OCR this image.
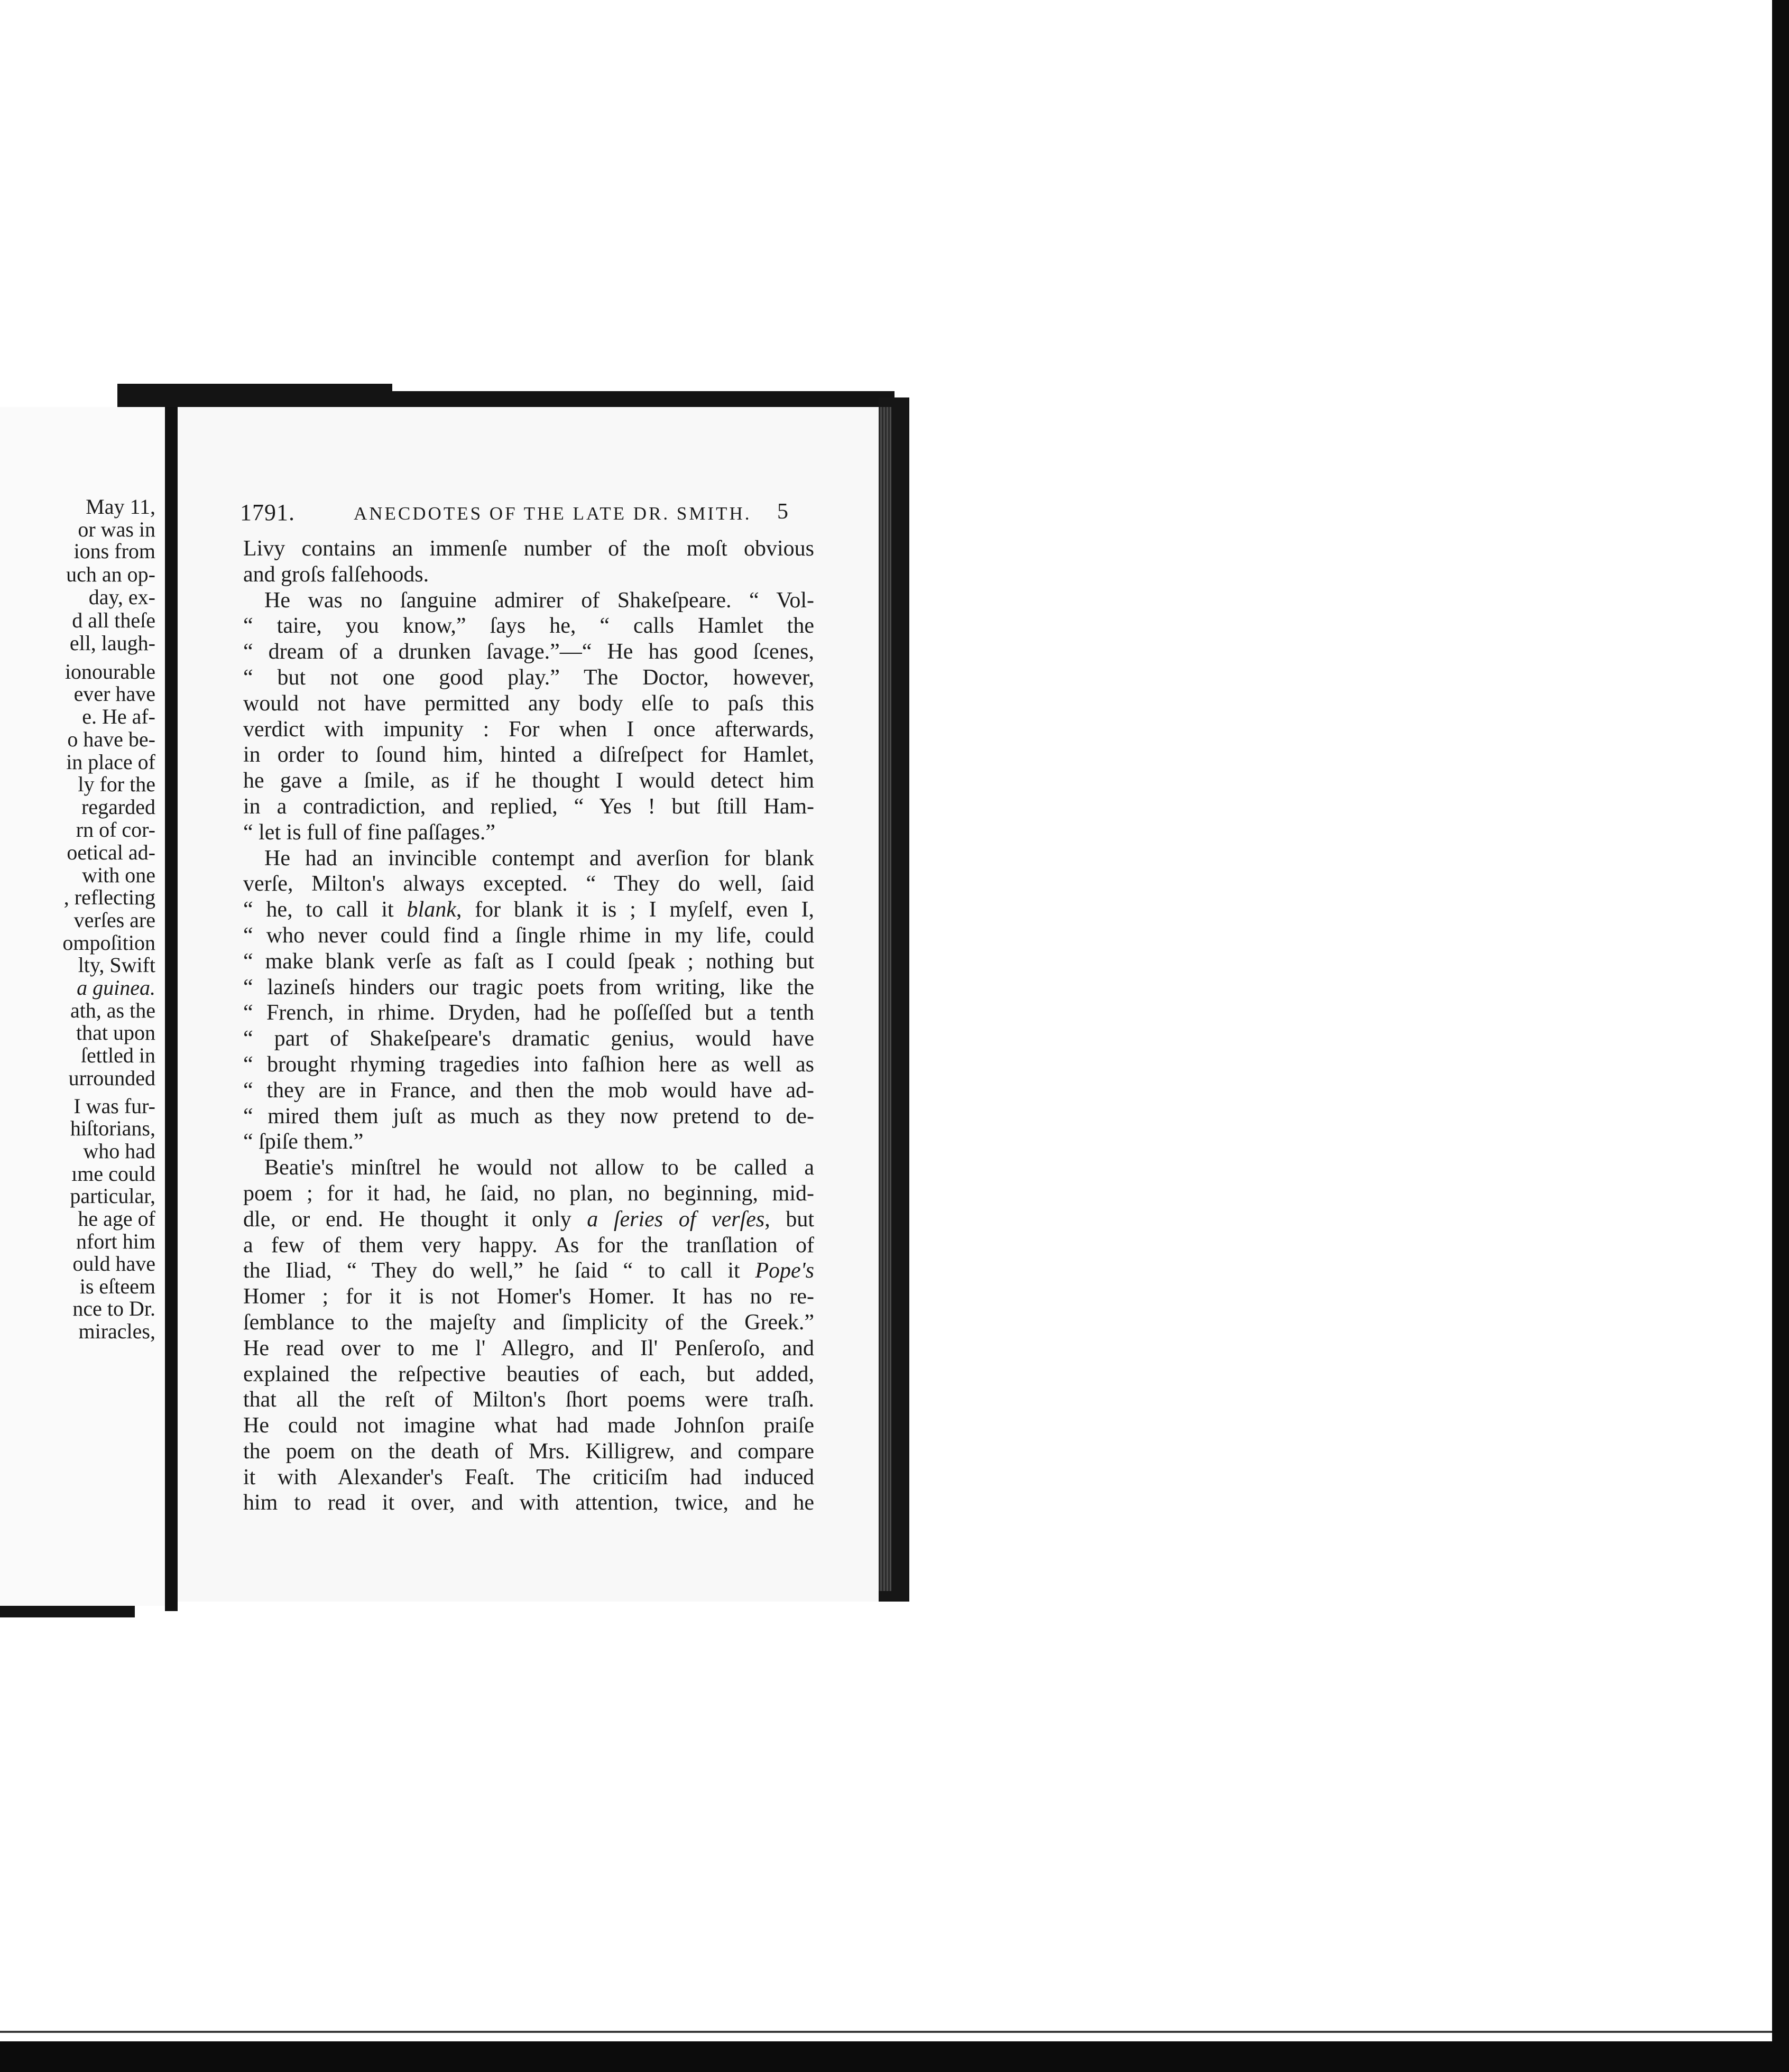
May 11,
or was in
ions from
uch an op-
day, ex-
d all theſe
ell, laugh-
ionourable
ever have
e. He af-
o have be-
in place of
ly for the
regarded
rn of cor-
oetical ad-
with one
, reflecting
verſes are
ompoſition
lty, Swift
a guinea.
ath, as the
that upon
ſettled in
urrounded
I was fur-
hiſtorians,
who had
ıme could
particular,
he age of
nfort him
ould have
is eſteem
nce to Dr.
miracles,
1791.	ANECDOTES OF THE LATE DR. SMITH. 5
Livy contains an immenſe number of the moſt obvious
and groſs falſehoods.
He was no ſanguine admirer of Shakeſpeare. “ Vol-
“ taire, you know,” ſays he, “ calls Hamlet the
“ dream of a drunken ſavage.”—“ He has good ſcenes,
“ but not one good play.” The Doctor, however,
would not have permitted any body elſe to paſs this
verdict with impunity : For when I once afterwards,
in order to ſound him, hinted a diſreſpect for Hamlet,
he gave a ſmile, as if he thought I would detect him
in a contradiction, and replied, “ Yes ! but ſtill Ham-
“ let is full of fine paſſages.”
He had an invincible contempt and averſion for blank
verſe, Milton's always excepted. “ They do well, ſaid
“ he, to call it blank, for blank it is ; I myſelf, even I,
“ who never could find a ſingle rhime in my life, could
“ make blank verſe as faſt as I could ſpeak ; nothing but
“ lazineſs hinders our tragic poets from writing, like the
“ French, in rhime. Dryden, had he poſſeſſed but a tenth
“ part of Shakeſpeare's dramatic genius, would have
“ brought rhyming tragedies into faſhion here as well as
“ they are in France, and then the mob would have ad-
“ mired them juſt as much as they now pretend to de-
“ ſpiſe them.”
Beatie's minſtrel he would not allow to be called a
poem ; for it had, he ſaid, no plan, no beginning, mid-
dle, or end. He thought it only a ſeries of verſes, but
a few of them very happy. As for the tranſlation of
the Iliad, “ They do well,” he ſaid “ to call it Pope's
Homer ; for it is not Homer's Homer. It has no re-
ſemblance to the majeſty and ſimplicity of the Greek.”
He read over to me l' Allegro, and Il' Penſeroſo, and
explained the reſpective beauties of each, but added,
that all the reſt of Milton's ſhort poems were traſh.
He could not imagine what had made Johnſon praiſe
the poem on the death of Mrs. Killigrew, and compare
it with Alexander's Feaſt. The criticiſm had induced
him to read it over, and with attention, twice, and he
